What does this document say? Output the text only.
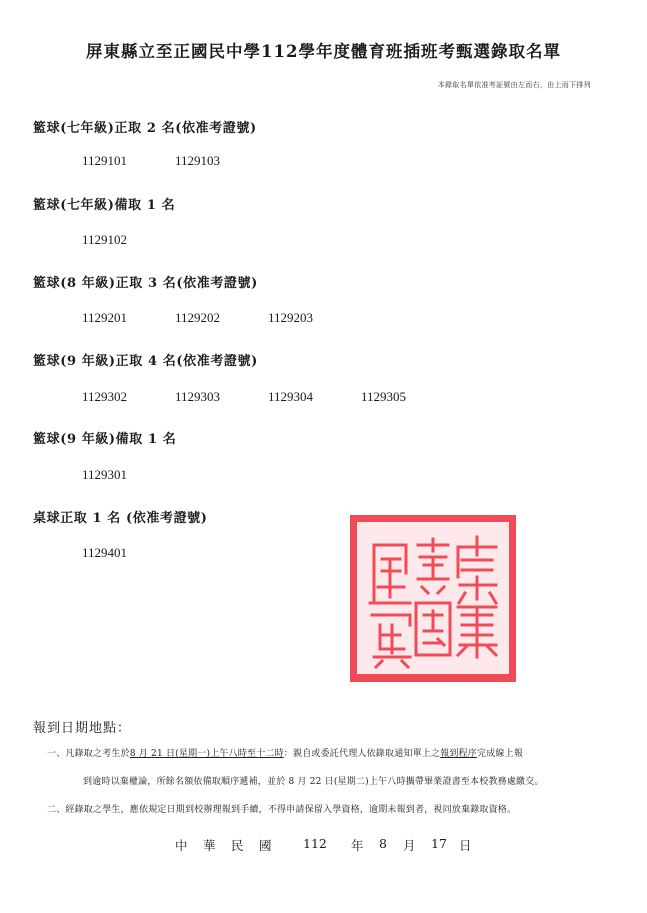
屏東縣立至正國民中學112學年度體育班插班考甄選錄取名單
本錄取名單依准考証號由左而右，由上而下排列
籃球(七年級)正取 2 名(依准考證號)
1129101	1129103
籃球(七年級)備取 1 名
1129102
籃球(8 年級)正取 3 名(依准考證號)
1129201	1129202	1129203
籃球(9 年級)正取 4 名(依准考證號)
1129302	1129303	1129304	1129305
籃球(9 年級)備取 1 名
1129301
桌球正取 1 名 (依准考證號)
1129401
報到日期地點：
一、凡錄取之考生於8 月 21 日(星期一)上午八時至十二時：親自或委託代理人依錄取通知單上之報到程序完成線上報
到逾時以棄權論，所餘名額依備取順序遞補，並於 8 月 22 日(星期二)上午八時攜帶畢業證書至本校教務處繳交。
二、經錄取之學生，應依規定日期到校辦理報到手續，不得申請保留入學資格，逾期未報到者，視同放棄錄取資格。
中	華	民	國	112	年	8	月	17 日
